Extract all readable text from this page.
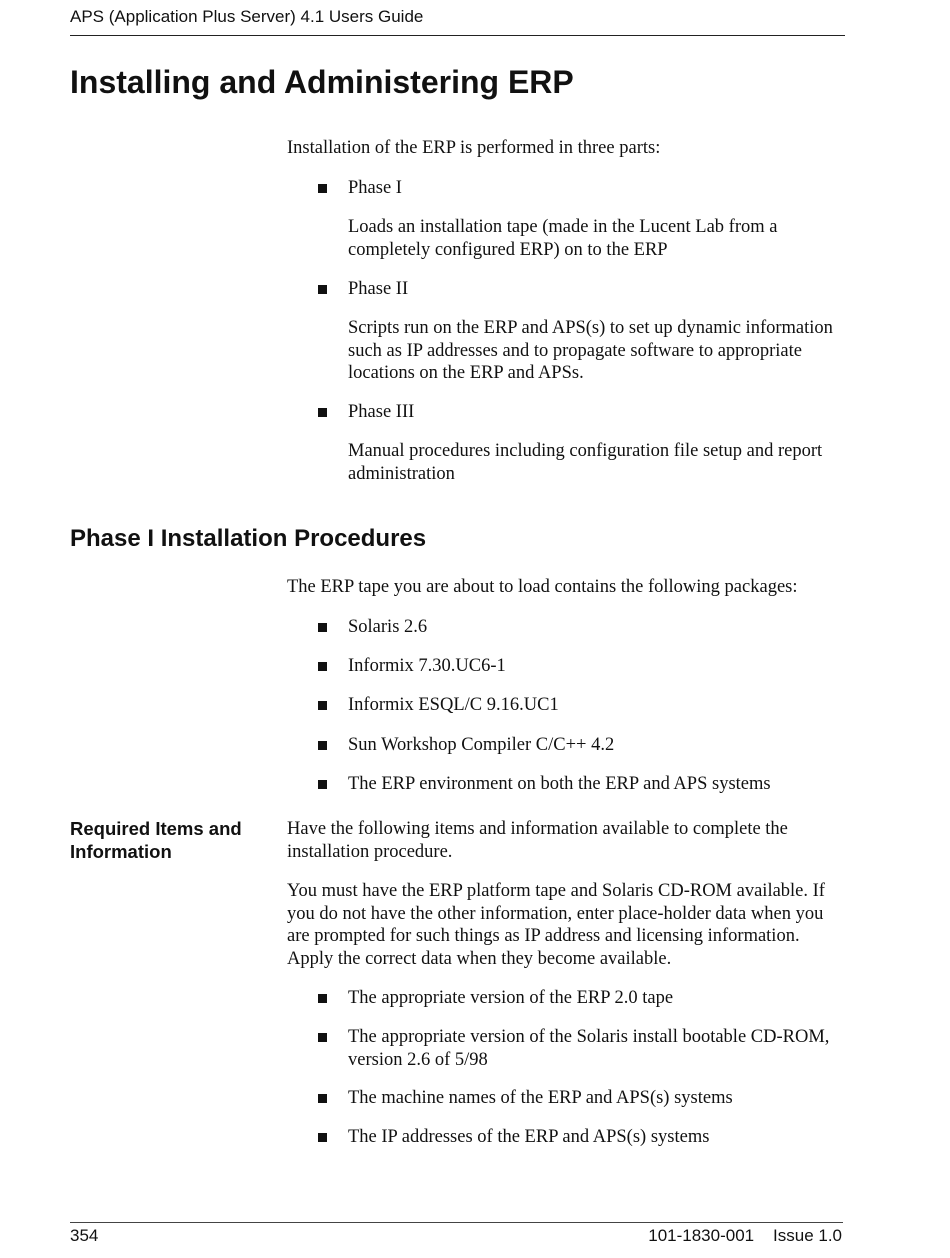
APS (Application Plus Server) 4.1 Users Guide
Installing and Administering ERP

Installation of the ERP is performed in three parts:

Phase I

Loads an installation tape (made in the Lucent Lab from a completely configured ERP) on to the ERP

Phase II

Scripts run on the ERP and APS(s) to set up dynamic information such as IP addresses and to propagate software to appropriate locations on the ERP and APSs.

Phase III

Manual procedures including configuration file setup and report administration

Phase I Installation Procedures

The ERP tape you are about to load contains the following packages:

Solaris 2.6
Informix 7.30.UC6-1
Informix ESQL/C 9.16.UC1
Sun Workshop Compiler C/C++ 4.2
The ERP environment on both the ERP and APS systems
Required Items and Information

Have the following items and information available to complete the installation procedure.

You must have the ERP platform tape and Solaris CD-ROM available. If you do not have the other information, enter place-holder data when you are prompted for such things as IP address and licensing information. Apply the correct data when they become available.

The appropriate version of the ERP 2.0 tape
The appropriate version of the Solaris install bootable CD-ROM, version 2.6 of 5/98
The machine names of the ERP and APS(s) systems
The IP addresses of the ERP and APS(s) systems
354	101-1830-001    Issue 1.0
